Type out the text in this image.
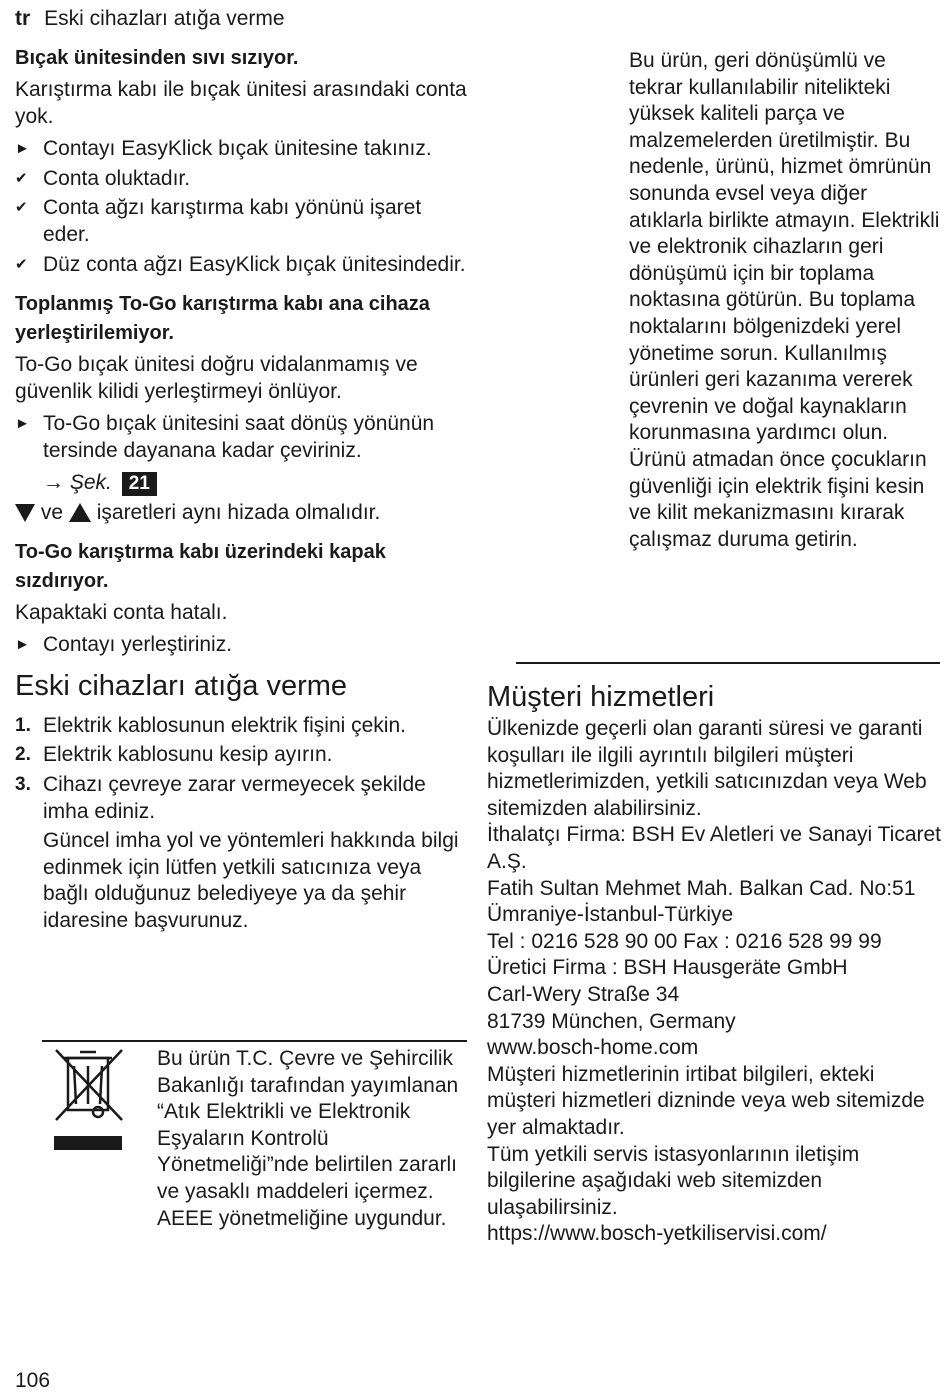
tr Eski cihazları atığa verme
Bıçak ünitesinden sıvı sızıyor.

Karıştırma kabı ile bıçak ünitesi arasındaki conta yok.

► Contayı EasyKlick bıçak ünitesine takınız.
✔ Conta oluktadır.
✔ Conta ağzı karıştırma kabı yönünü işaret eder.
✔ Düz conta ağzı EasyKlick bıçak ünitesindedir.
Toplanmış To-Go karıştırma kabı ana cihaza yerleştirilemiyor.

To-Go bıçak ünitesi doğru vidalanmamış ve güvenlik kilidi yerleştirmeyi önlüyor.

► To-Go bıçak ünitesini saat dönüş yönünün tersinde dayanana kadar çeviriniz.
→ Şek. 21
ve işaretleri aynı hizada olmalıdır.
To-Go karıştırma kabı üzerindeki kapak sızdırıyor.

Kapaktaki conta hatalı.

► Contayı yerleştiriniz.
Eski cihazları atığa verme
1. Elektrik kablosunun elektrik fişini çekin.
2. Elektrik kablosunu kesip ayırın.
3. Cihazı çevreye zarar vermeyecek şekilde imha ediniz.
Güncel imha yol ve yöntemleri hakkında bilgi edinmek için lütfen yetkili satıcınıza veya bağlı olduğunuz belediyeye ya da şehir idaresine başvurunuz.

Bu ürün T.C. Çevre ve Şehircilik Bakanlığı tarafından yayımlanan “Atık Elektrikli ve Elektronik Eşyaların Kontrolü Yönetmeliği”nde belirtilen zararlı ve yasaklı maddeleri içermez.

AEEE yönetmeliğine uygundur.

Bu ürün, geri dönüşümlü ve tekrar kullanılabilir nitelikteki yüksek kaliteli parça ve malzemelerden üretilmiştir. Bu nedenle, ürünü, hizmet ömrünün sonunda evsel veya diğer atıklarla birlikte atmayın. Elektrikli ve elektronik cihazların geri dönüşümü için bir toplama noktasına götürün. Bu toplama noktalarını bölgenizdeki yerel yönetime sorun. Kullanılmış ürünleri geri kazanıma vererek çevrenin ve doğal kaynakların korunmasına yardımcı olun. Ürünü atmadan önce çocukların güvenliği için elektrik fişini kesin ve kilit mekanizmasını kırarak çalışmaz duruma getirin.

Müşteri hizmetleri

Ülkenizde geçerli olan garanti süresi ve garanti koşulları ile ilgili ayrıntılı bilgileri müşteri hizmetlerimizden, yetkili satıcınızdan veya Web sitemizden alabilirsiniz.

İthalatçı Firma: BSH Ev Aletleri ve Sanayi Ticaret A.Ş.

Fatih Sultan Mehmet Mah. Balkan Cad. No:51

Ümraniye-İstanbul-Türkiye

Tel : 0216 528 90 00 Fax : 0216 528 99 99

Üretici Firma : BSH Hausgeräte GmbH

Carl-Wery Straße 34

81739 München, Germany

www.bosch-home.com

Müşteri hizmetlerinin irtibat bilgileri, ekteki müşteri hizmetleri dizninde veya web sitemizde yer almaktadır.

Tüm yetkili servis istasyonlarının iletişim bilgilerine aşağıdaki web sitemizden ulaşabilirsiniz.

https://www.bosch-yetkiliservisi.com/

106
